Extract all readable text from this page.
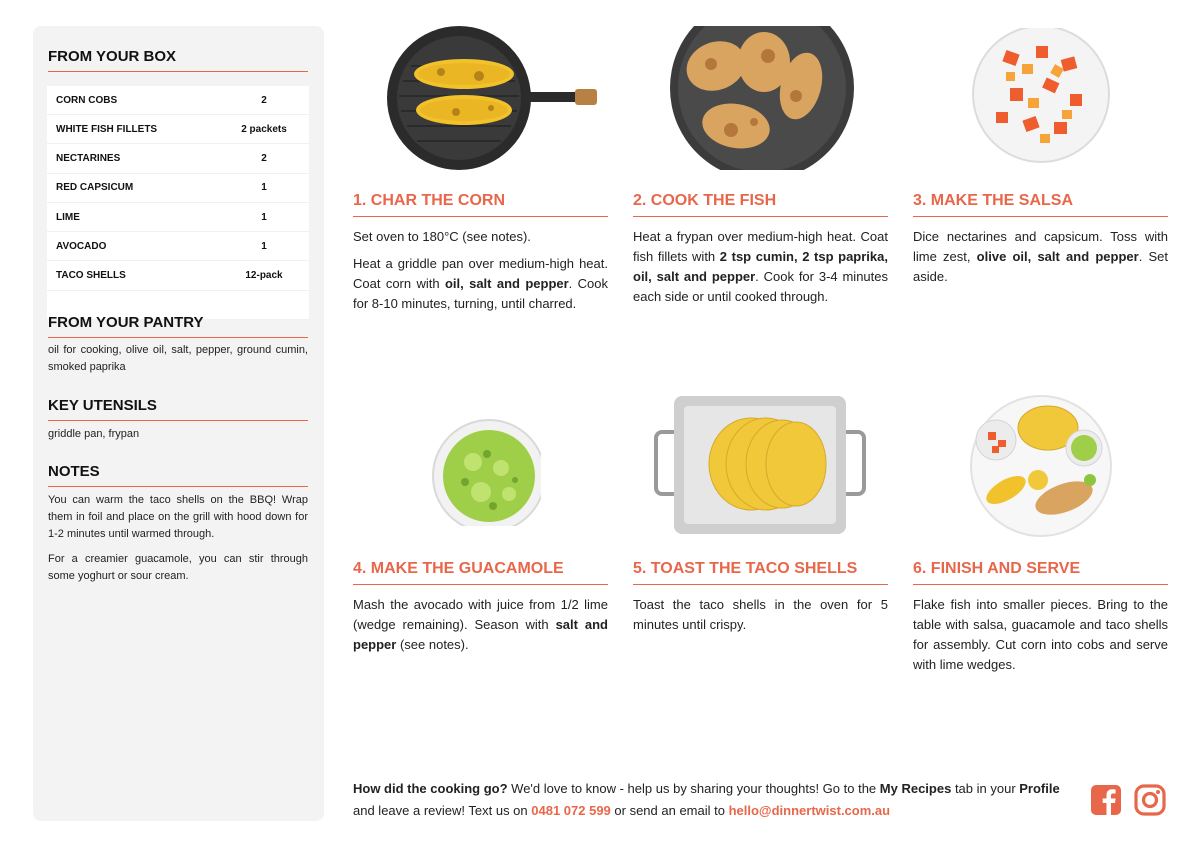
FROM YOUR BOX
CORN COBS	2
WHITE FISH FILLETS	2 packets
NECTARINES	2
RED CAPSICUM	1
LIME	1
AVOCADO	1
TACO SHELLS	12-pack

FROM YOUR PANTRY

oil for cooking, olive oil, salt, pepper, ground cumin, smoked paprika

KEY UTENSILS

griddle pan, frypan

NOTES

You can warm the taco shells on the BBQ! Wrap them in foil and place on the grill with hood down for 1-2 minutes until warmed through.

For a creamier guacamole, you can stir through some yoghurt or sour cream.

1. CHAR THE CORN

Set oven to 180°C (see notes).

Heat a griddle pan over medium-high heat. Coat corn with oil, salt and pepper. Cook for 8-10 minutes, turning, until charred.

2. COOK THE FISH

Heat a frypan over medium-high heat. Coat fish fillets with 2 tsp cumin, 2 tsp paprika, oil, salt and pepper. Cook for 3-4 minutes each side or until cooked through.

3. MAKE THE SALSA

Dice nectarines and capsicum. Toss with lime zest, olive oil, salt and pepper. Set aside.

4. MAKE THE GUACAMOLE

Mash the avocado with juice from 1/2 lime (wedge remaining). Season with salt and pepper (see notes).

5. TOAST THE TACO SHELLS

Toast the taco shells in the oven for 5 minutes until crispy.

6. FINISH AND SERVE

Flake fish into smaller pieces. Bring to the table with salsa, guacamole and taco shells for assembly. Cut corn into cobs and serve with lime wedges.

How did the cooking go? We'd love to know - help us by sharing your thoughts! Go to the My Recipes tab in your Profile and leave a review! Text us on 0481 072 599 or send an email to hello@dinnertwist.com.au
